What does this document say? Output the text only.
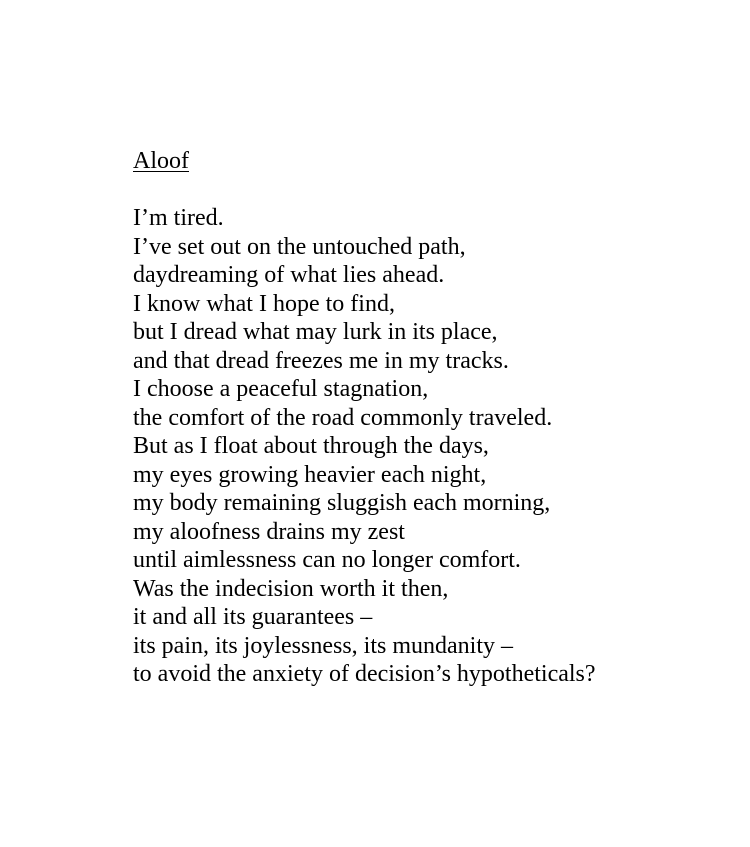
Aloof

I’m tired.

I’ve set out on the untouched path,

daydreaming of what lies ahead.

I know what I hope to find,

but I dread what may lurk in its place,

and that dread freezes me in my tracks.

I choose a peaceful stagnation,

the comfort of the road commonly traveled.

But as I float about through the days,

my eyes growing heavier each night,

my body remaining sluggish each morning,

my aloofness drains my zest

until aimlessness can no longer comfort.

Was the indecision worth it then,

it and all its guarantees –

its pain, its joylessness, its mundanity –

to avoid the anxiety of decision’s hypotheticals?
